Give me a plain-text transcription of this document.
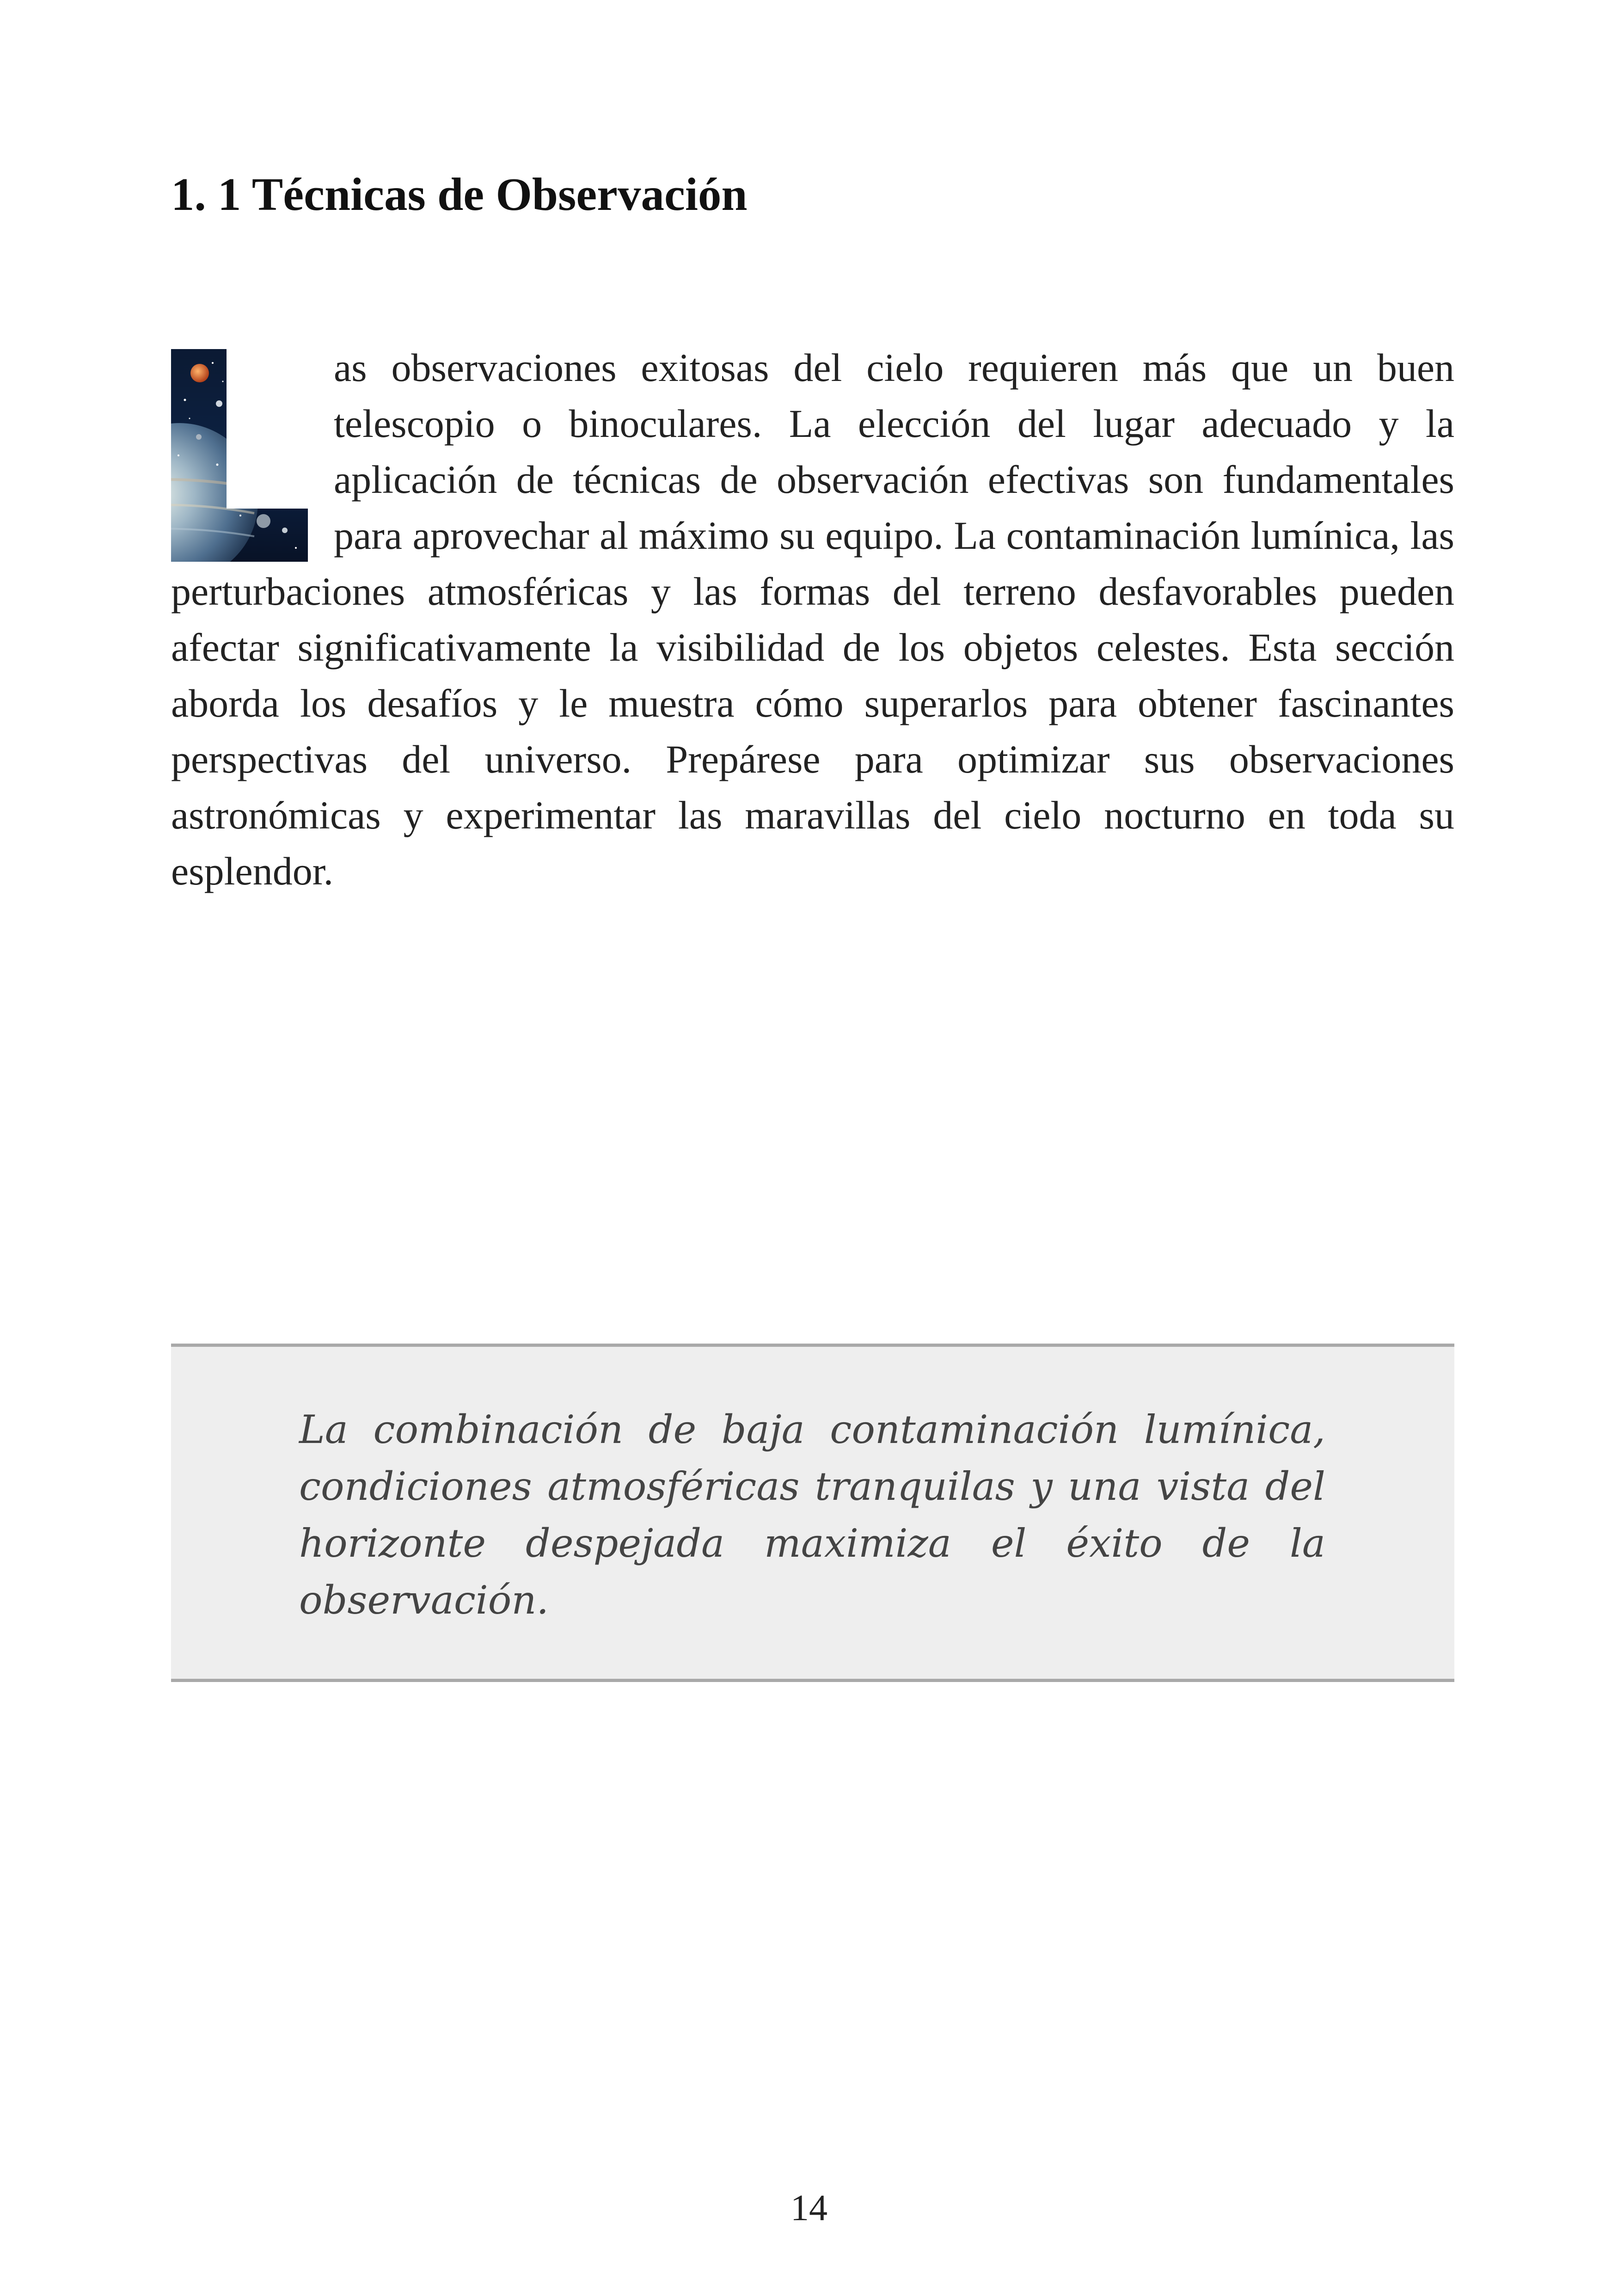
1. 1 Técnicas de Observación

as observaciones exitosas del cielo requieren más que un buen telescopio o binoculares. La elección del lugar adecuado y la aplicación de técnicas de observación efectivas son fundamentales para aprovechar al máximo su equipo. La contaminación lumínica, las perturbaciones atmosféricas y las formas del terreno desfavorables pueden afectar significativamente la visibilidad de los objetos celestes. Esta sección aborda los desafíos y le muestra cómo superarlos para obtener fascinantes perspectivas del universo. Prepárese para optimizar sus observaciones astronómicas y experimentar las maravillas del cielo nocturno en toda su esplendor.

La combinación de baja contaminación lumínica, condiciones atmosféricas tranquilas y una vista del horizonte despejada maximiza el éxito de la observación.

14
